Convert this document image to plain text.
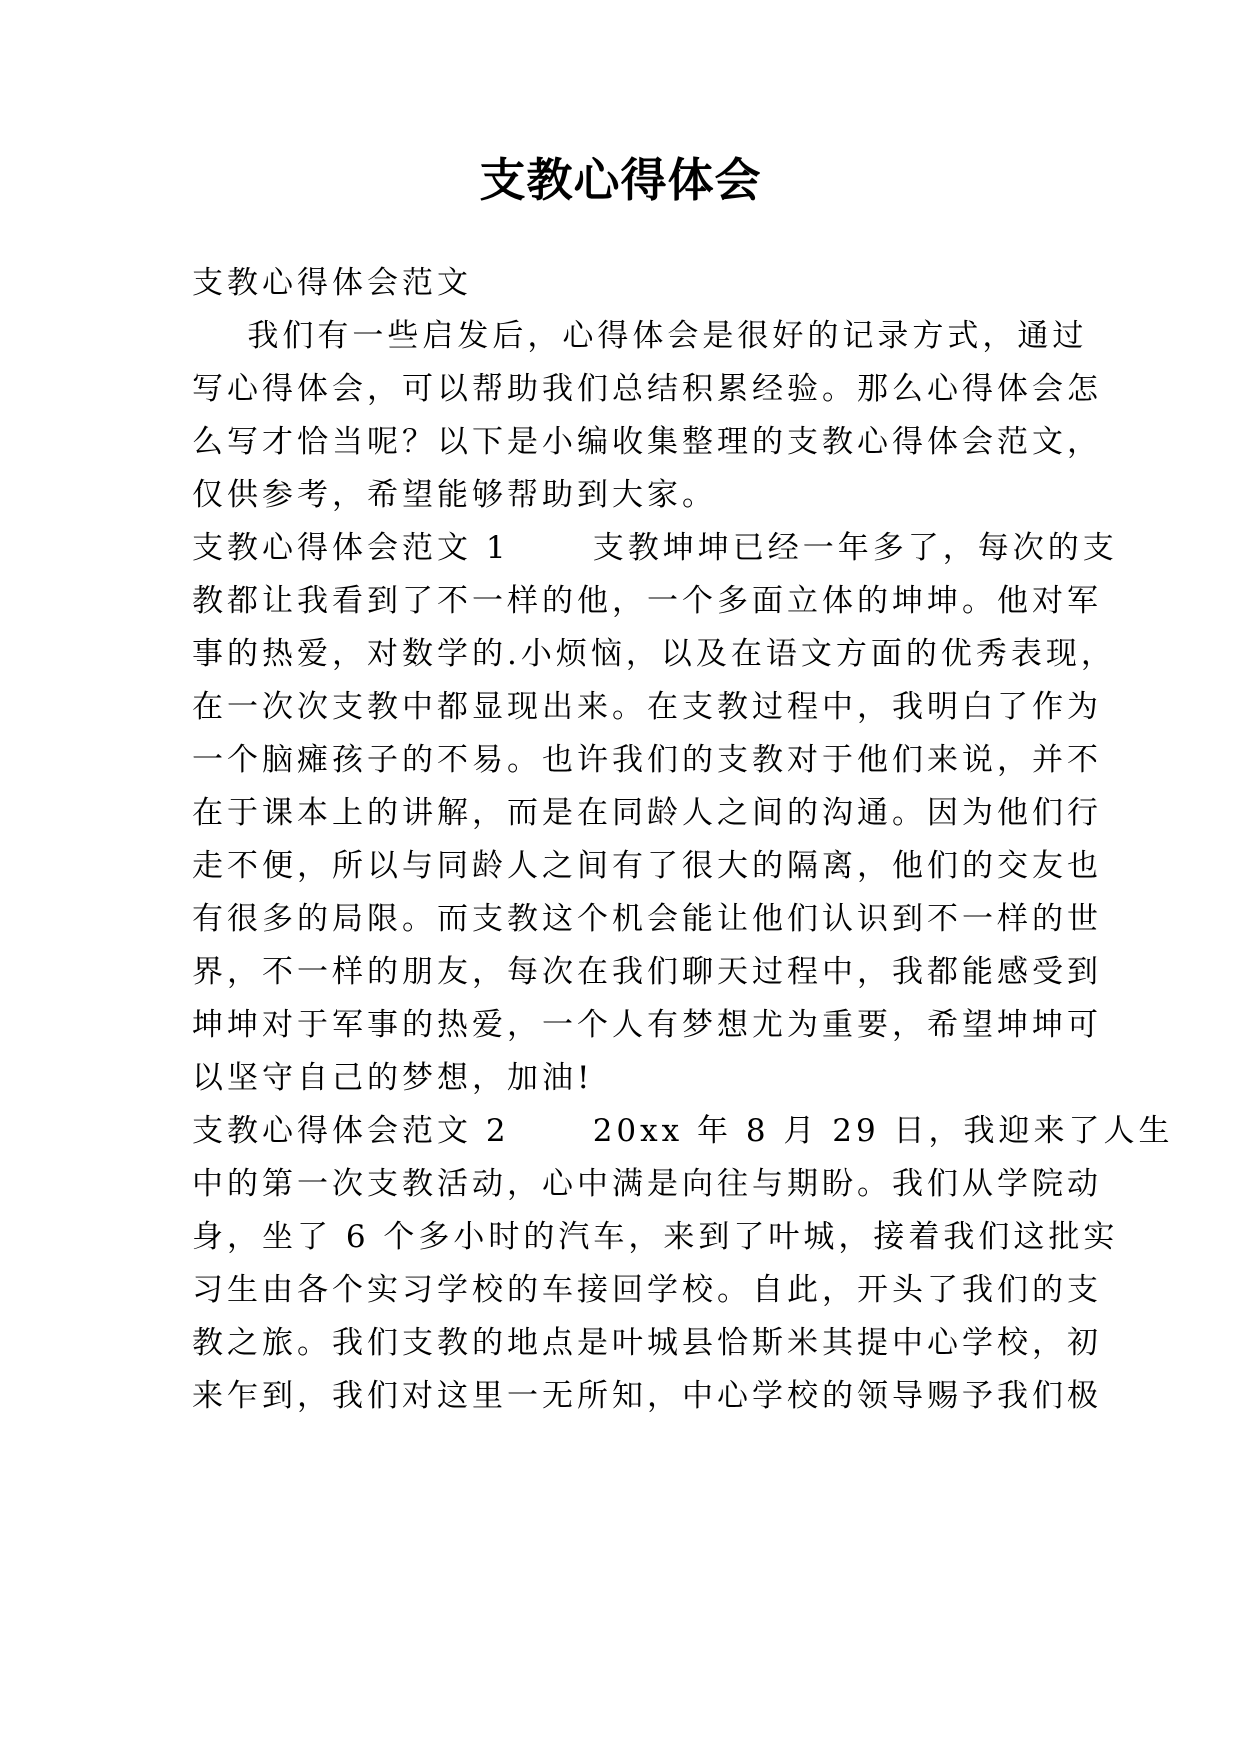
支教心得体会
支教心得体会范文
我们有一些启发后，心得体会是很好的记录方式，通过
写心得体会，可以帮助我们总结积累经验。那么心得体会怎
么写才恰当呢？以下是小编收集整理的支教心得体会范文，
仅供参考，希望能够帮助到大家。
支教心得体会范文 1      支教坤坤已经一年多了，每次的支
教都让我看到了不一样的他，一个多面立体的坤坤。他对军
事的热爱，对数学的.小烦恼，以及在语文方面的优秀表现，
在一次次支教中都显现出来。在支教过程中，我明白了作为
一个脑瘫孩子的不易。也许我们的支教对于他们来说，并不
在于课本上的讲解，而是在同龄人之间的沟通。因为他们行
走不便，所以与同龄人之间有了很大的隔离，他们的交友也
有很多的局限。而支教这个机会能让他们认识到不一样的世
界，不一样的朋友，每次在我们聊天过程中，我都能感受到
坤坤对于军事的热爱，一个人有梦想尤为重要，希望坤坤可
以坚守自己的梦想，加油!
支教心得体会范文 2      20xx 年 8 月 29 日，我迎来了人生
中的第一次支教活动，心中满是向往与期盼。我们从学院动
身，坐了 6 个多小时的汽车，来到了叶城，接着我们这批实
习生由各个实习学校的车接回学校。自此，开头了我们的支
教之旅。我们支教的地点是叶城县恰斯米其提中心学校，初
来乍到，我们对这里一无所知，中心学校的领导赐予我们极
